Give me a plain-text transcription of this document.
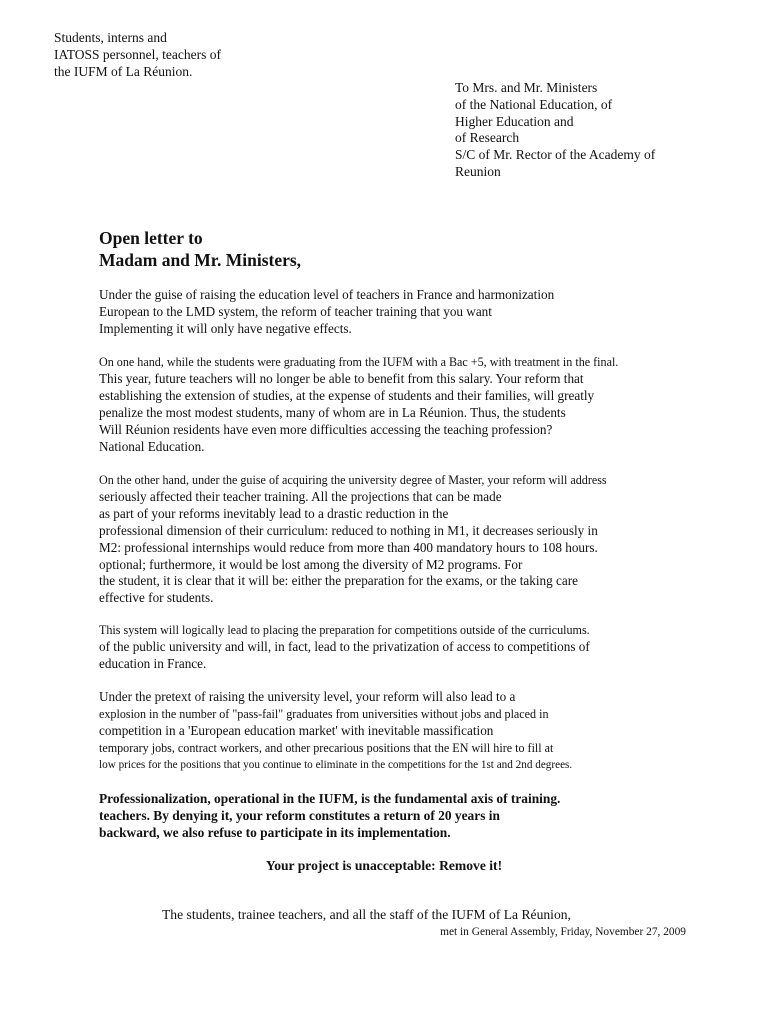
Students, interns and
IATOSS personnel, teachers of
the IUFM of La Réunion.
To Mrs. and Mr. Ministers
of the National Education, of
Higher Education and
of Research
S/C of Mr. Rector of the Academy of
Reunion
Open letter to
Madam and Mr. Ministers,
Under the guise of raising the education level of teachers in France and harmonization
European to the LMD system, the reform of teacher training that you want
Implementing it will only have negative effects.
On one hand, while the students were graduating from the IUFM with a Bac +5, with treatment in the final.
This year, future teachers will no longer be able to benefit from this salary. Your reform that
establishing the extension of studies, at the expense of students and their families, will greatly
penalize the most modest students, many of whom are in La Réunion. Thus, the students
Will Réunion residents have even more difficulties accessing the teaching profession?
National Education.
On the other hand, under the guise of acquiring the university degree of Master, your reform will address
seriously affected their teacher training. All the projections that can be made
as part of your reforms inevitably lead to a drastic reduction in the
professional dimension of their curriculum: reduced to nothing in M1, it decreases seriously in
M2: professional internships would reduce from more than 400 mandatory hours to 108 hours.
optional; furthermore, it would be lost among the diversity of M2 programs. For
the student, it is clear that it will be: either the preparation for the exams, or the taking care
effective for students.
This system will logically lead to placing the preparation for competitions outside of the curriculums.
of the public university and will, in fact, lead to the privatization of access to competitions of
education in France.
Under the pretext of raising the university level, your reform will also lead to a
explosion in the number of "pass-fail" graduates from universities without jobs and placed in
competition in a 'European education market' with inevitable massification
temporary jobs, contract workers, and other precarious positions that the EN will hire to fill at
low prices for the positions that you continue to eliminate in the competitions for the 1st and 2nd degrees.
Professionalization, operational in the IUFM, is the fundamental axis of training.
teachers. By denying it, your reform constitutes a return of 20 years in
backward, we also refuse to participate in its implementation.
Your project is unacceptable: Remove it!
The students, trainee teachers, and all the staff of the IUFM of La Réunion,
met in General Assembly, Friday, November 27, 2009
